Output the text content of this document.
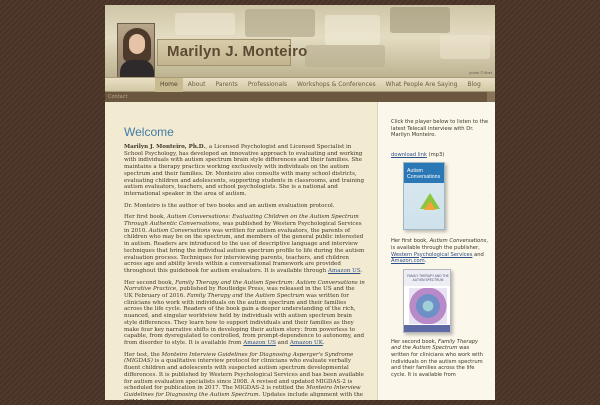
Marilyn J. Monteiro
photo © tibet
Home	About	Parents	Professionals	Workshops & Conferences	What People Are Saying	Blog
Contact
Welcome

Marilyn J. Monteiro, Ph.D., a Licensed Psychologist and Licensed Specialist in School Psychology, has developed an innovative approach to evaluating and working with individuals with autism spectrum brain style differences and their families. She maintains a therapy practice working exclusively with individuals on the autism spectrum and their families. Dr. Monteiro also consults with many school districts, evaluating children and adolescents, supporting students in classrooms, and training autism evaluators, teachers, and school psychologists. She is a national and international speaker in the area of autism.

Dr. Monteiro is the author of two books and an autism evaluation protocol.

Her first book, Autism Conversations: Evaluating Children on the Autism Spectrum Through Authentic Conversations, was published by Western Psychological Services in 2010. Autism Conversations was written for autism evaluators, the parents of children who may be on the spectrum, and members of the general public interested in autism. Readers are introduced to the use of descriptive language and interview techniques that bring the individual autism spectrum profile to life during the autism evaluation process. Techniques for interviewing parents, teachers, and children across age and ability levels within a conversational framework are provided throughout this guidebook for autism evaluators. It is available through Amazon US.

Her second book, Family Therapy and the Autism Spectrum: Autism Conversations in Narrative Practice, published by Routledge Press, was released in the US and the UK February of 2016. Family Therapy and the Autism Spectrum was written for clinicians who work with individuals on the autism spectrum and their families across the life cycle. Readers of the book gain a deeper understanding of the rich, nuanced, and singular worldview held by individuals with autism spectrum brain style differences. They learn how to support individuals and their families as they make four key narrative shifts in developing their autism story: from powerless to capable, from dysregulated to controlled, from prompt-dependence to autonomy, and from disorder to style. It is available from Amazon US and Amazon UK.

Her test, the Monteiro Interview Guidelines for Diagnosing Asperger's Syndrome (MIGDAS) is a qualitative interview protocol for clinicians who evaluate verbally fluent children and adolescents with suspected autism spectrum developmental differences. It is published by Western Psychological Services and has been available for autism evaluation specialists since 2008. A revised and updated MIGDAS-2 is scheduled for publication in 2017. The MIGDAS-2 is retitled the Monteiro Interview Guidelines for Diagnosing the Autism Spectrum. Updates include alignment with the DSM-5 diagnostic

Click the player below to listen to the latest Telecall interview with Dr. Marilyn Monteiro.

download link (mp3)

Autism Conversations

Her first book, Autism Conversations, is available through the publisher, Western Psychological Services and Amazon.com.

FAMILY THERAPY AND THE AUTISM SPECTRUM

Her second book, Family Therapy and the Autism Spectrum was written for clinicians who work with individuals on the autism spectrum and their families across the life cycle. It is available from
